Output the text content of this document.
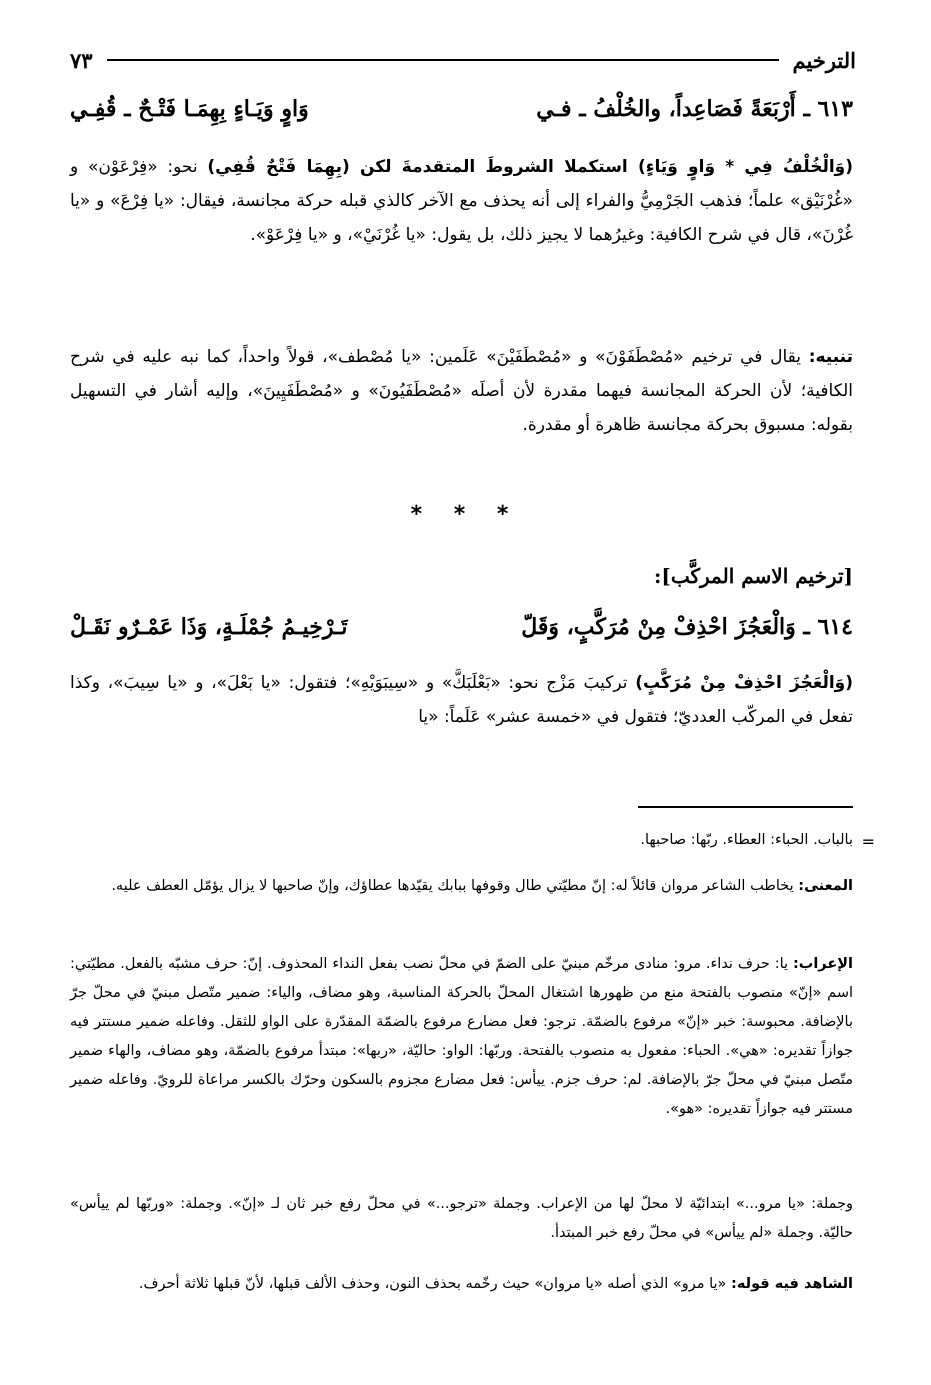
الترخيم
٧٣
٦١٣ ـ أَرْبَعَةً فَصَاعِداً، والخُلْفُ ـ فـي
وَاوٍ وَيَـاءٍ بِهِمَـا فَتْـحٌ ـ قُفِـي
(وَالْخُلْفُ فِي * وَاوٍ وَيَاءٍ) استكملا الشروطَ المتقدمةَ لكن (بِهِمَا فَتْحٌ قُفِي) نحو: «فِرْعَوْن» و «غُرْنَيْق» علماً؛ فذهب الجَرْمِيُّ والفراء إلى أنه يحذف مع الآخر كالذي قبله حركة مجانسة، فيقال: «يا فِرْعَ» و «يا غُرْنَ»، قال في شرح الكافية: وغيرُهما لا يجيز ذلك، بل يقول: «يا غُرْنَيْ»، و «يا فِرْعَوْ».
تنبيه: يقال في ترخيم «مُصْطَفَوْنَ» و «مُصْطَفَيْنَ» عَلَمين: «يا مُصْطف»، قولاً واحداً، كما نبه عليه في شرح الكافية؛ لأن الحركة المجانسة فيهما مقدرة لأن أصلَه «مُصْطَفَيُونَ» و «مُصْطَفَيِينَ»، وإليه أشار في التسهيل بقوله: مسبوق بحركة مجانسة ظاهرة أو مقدرة.
* * *
[ترخيم الاسم المركَّب]:
٦١٤ ـ وَالْعَجُزَ احْذِفْ مِنْ مُرَكَّبٍ، وَقَلّ
تَـرْخِيـمُ جُمْلَـةٍ، وَذَا عَمْـرٌو نَقَـلْ
(وَالْعَجُزَ احْذِفْ مِنْ مُرَكَّبٍ) تركيبَ مَزْج نحو: «بَعْلَبَكَّ» و «سِيبَوَيْهِ»؛ فتقول: «يا بَعْلَ»، و «يا سِيبَ»، وكذا تفعل في المركّب العدديّ؛ فتقول في «خمسة عشر» عَلَماً: «يا
=
بالباب. الحباء: العطاء. ربّها: صاحبها.
المعنى: يخاطب الشاعر مروان قائلاً له: إنّ مطيّتي طال وقوفها ببابك يقيّدها عطاؤك، وإنّ صاحبها لا يزال يؤمّل العطف عليه.
الإعراب: يا: حرف نداء. مرو: منادى مرخّم مبنيّ على الضمّ في محلّ نصب بفعل النداء المحذوف. إنّ: حرف مشبّه بالفعل. مطيّتي: اسم «إنّ» منصوب بالفتحة منع من ظهورها اشتغال المحلّ بالحركة المناسبة، وهو مضاف، والياء: ضمير متّصل مبنيّ في محلّ جرّ بالإضافة. محبوسة: خبر «إنّ» مرفوع بالضمّة. ترجو: فعل مضارع مرفوع بالضمّة المقدّرة على الواو للثقل. وفاعله ضمير مستتر فيه جوازاً تقديره: «هي». الحباء: مفعول به منصوب بالفتحة. وربّها: الواو: حاليّة، «ربها»: مبتدأ مرفوع بالضمّة، وهو مضاف، والهاء ضمير متّصل مبنيّ في محلّ جرّ بالإضافة. لم: حرف جزم. ييأس: فعل مضارع مجزوم بالسكون وحرّك بالكسر مراعاة للرويّ. وفاعله ضمير مستتر فيه جوازاً تقديره: «هو».
وجملة: «يا مرو...» ابتدائيّة لا محلّ لها من الإعراب. وجملة «ترجو...» في محلّ رفع خبر ثان لـ «إنّ». وجملة: «وربّها لم ييأس» حاليّة. وجملة «لم ييأس» في محلّ رفع خبر المبتدأ.
الشاهد فيه قوله: «يا مرو» الذي أصله «يا مروان» حيث رخّمه بحذف النون، وحذف الألف قبلها، لأنّ قبلها ثلاثة أحرف.
